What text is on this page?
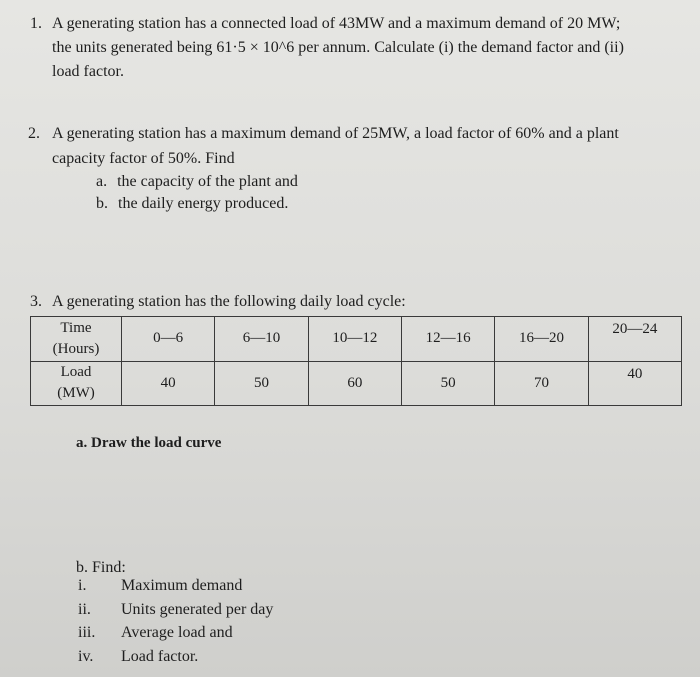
1. A generating station has a connected load of 43MW and a maximum demand of 20 MW;
the units generated being 61·5 × 10^6 per annum. Calculate (i) the demand factor and (ii)
load factor.
2. A generating station has a maximum demand of 25MW, a load factor of 60% and a plant
capacity factor of 50%. Find
a. the capacity of the plant and
b. the daily energy produced.
3. A generating station has the following daily load cycle:
Time
(Hours)	0—6	6—10	10—12	12—16	16—20	20—24

Load
(MW)	40	50	60	50	70	40
a. Draw the load curve
b. Find:
i. Maximum demand
ii. Units generated per day
iii. Average load and
iv. Load factor.
